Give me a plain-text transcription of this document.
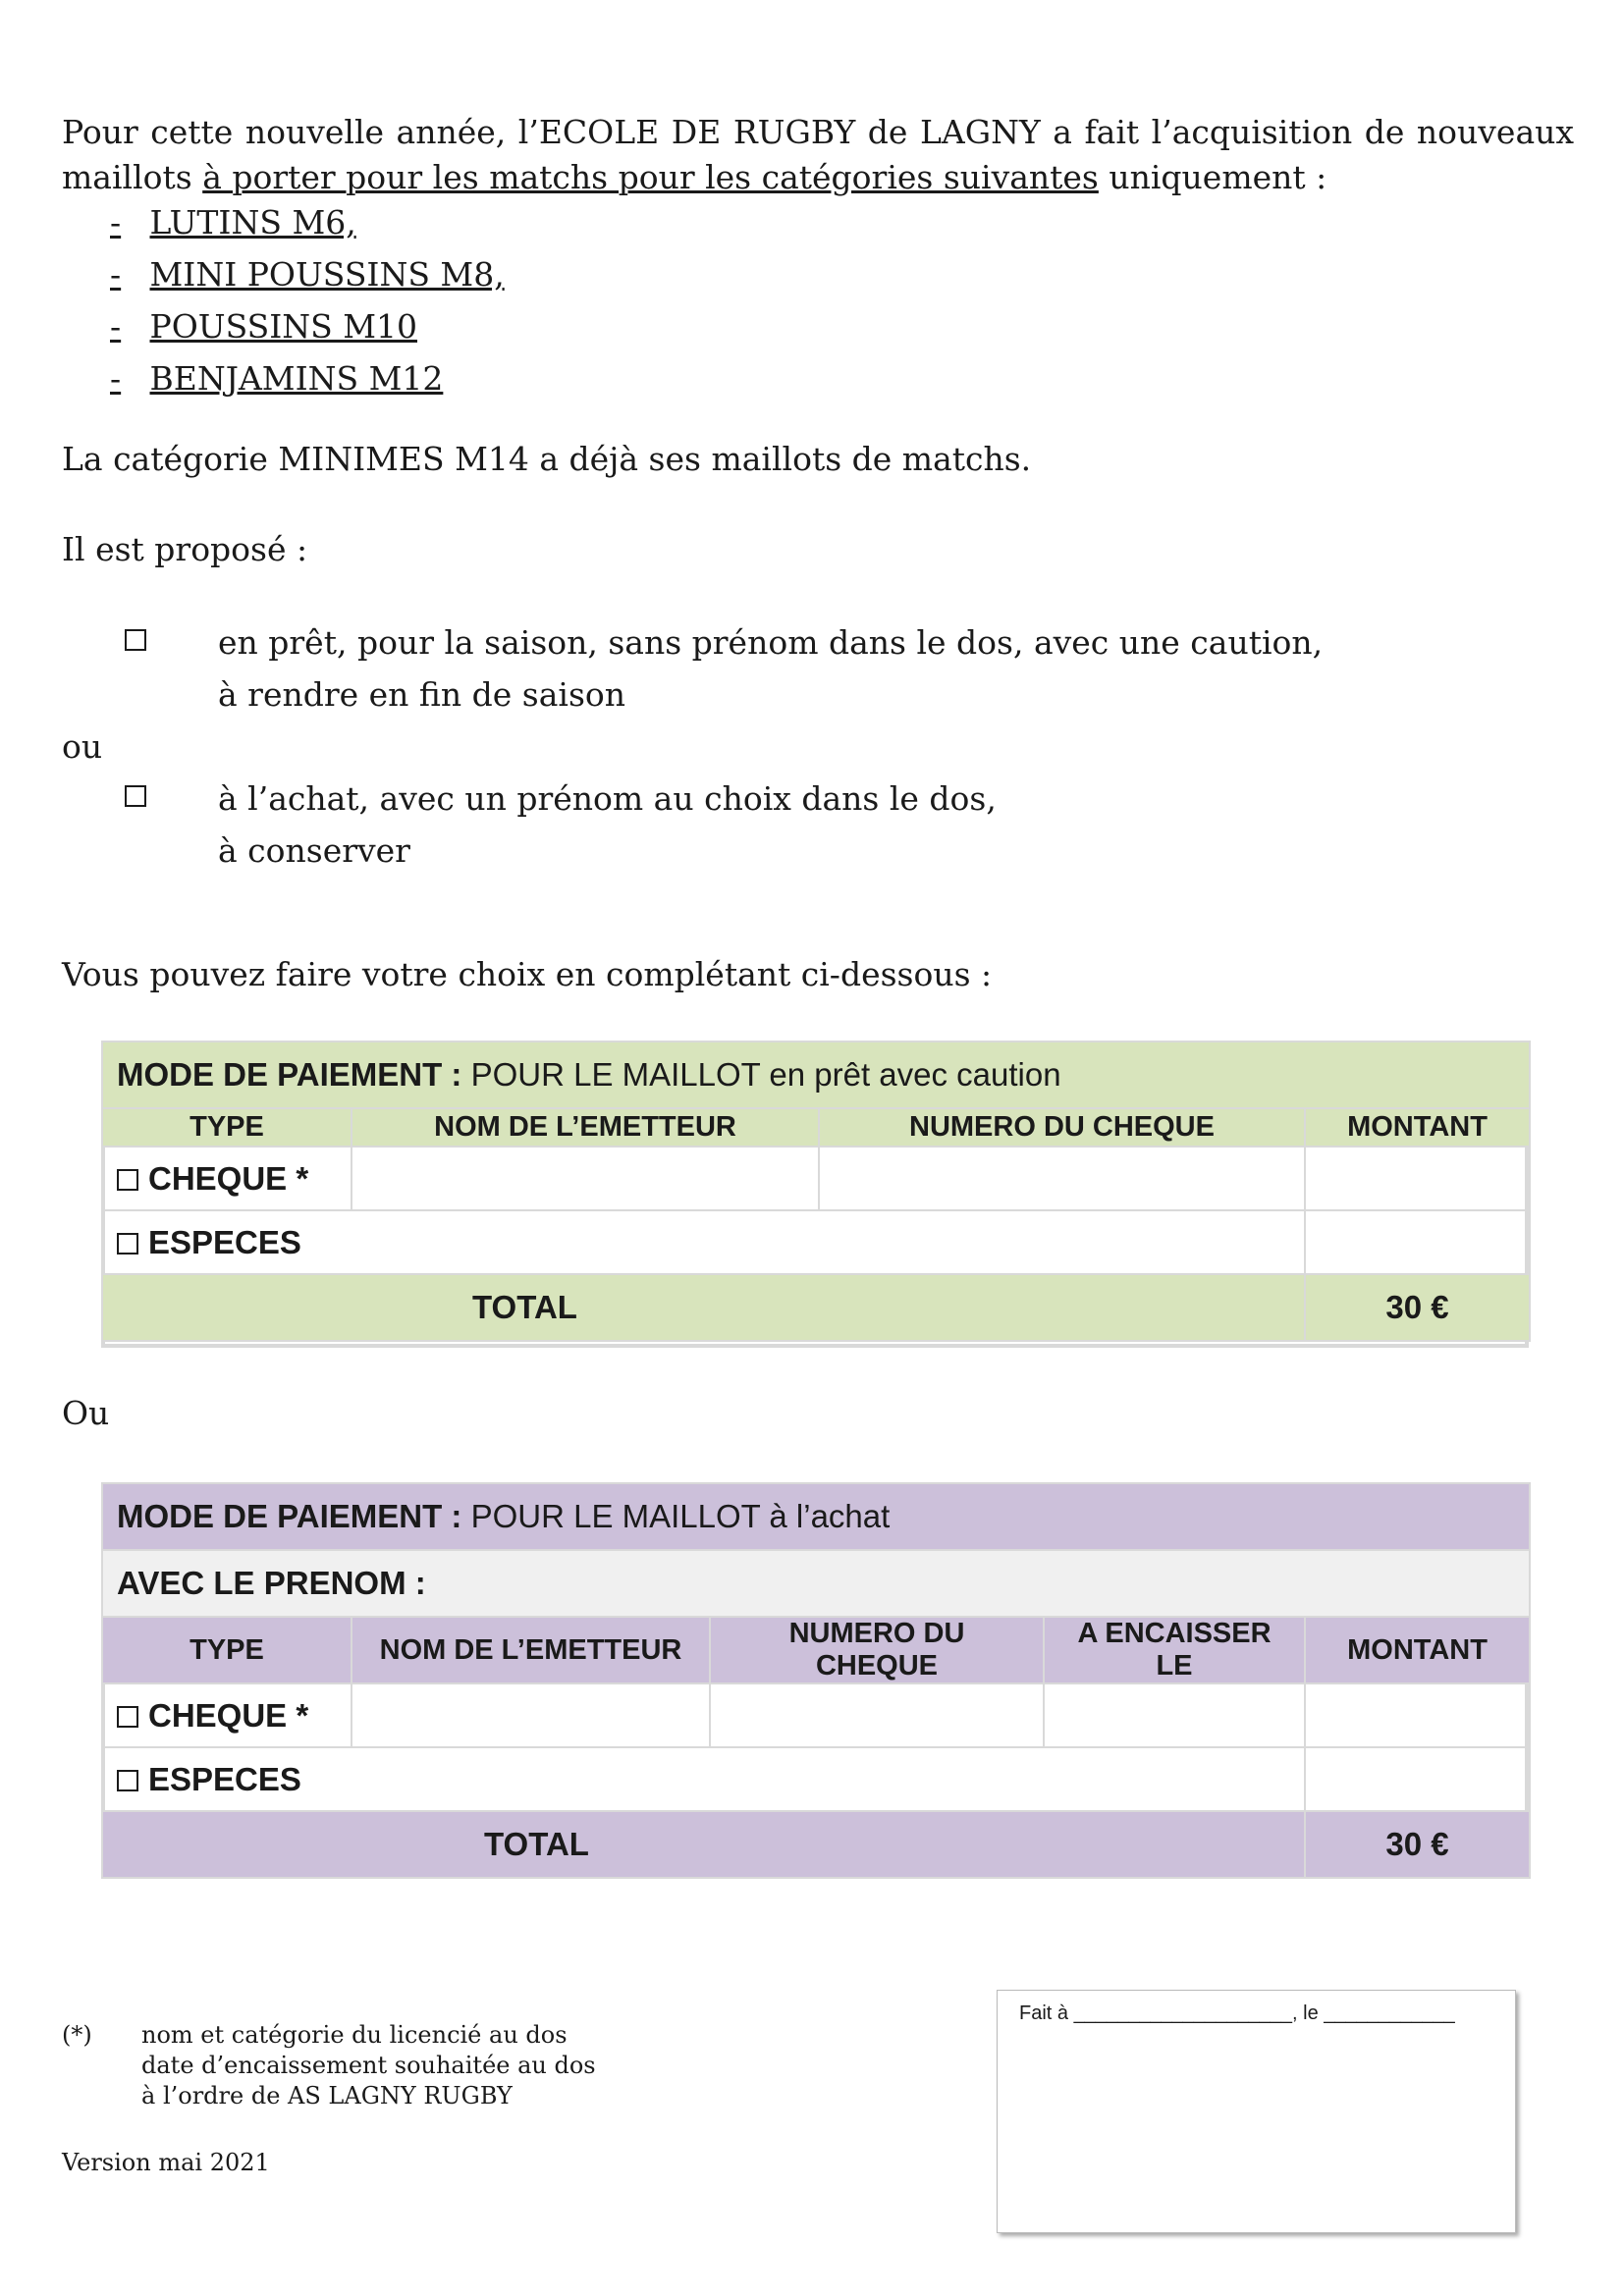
Pour cette nouvelle année, l’ECOLE DE RUGBY de LAGNY a fait l’acquisition de nouveaux maillots à porter pour les matchs pour les catégories suivantes uniquement :
- LUTINS M6,
- MINI POUSSINS M8,
- POUSSINS M10
- BENJAMINS M12
La catégorie MINIMES M14 a déjà ses maillots de matchs.
Il est proposé :
en prêt, pour la saison, sans prénom dans le dos, avec une caution,
à rendre en fin de saison
ou
à l’achat, avec un prénom au choix dans le dos,
à conserver
Vous pouvez faire votre choix en complétant ci-dessous :
MODE DE PAIEMENT : POUR LE MAILLOT en prêt avec caution			
TYPE	NOM DE L’EMETTEUR	NUMERO DU CHEQUE	MONTANT
CHEQUE *			
ESPECES			
TOTAL			30 €
Ou
MODE DE PAIEMENT : POUR LE MAILLOT à l’achat				
AVEC LE PRENOM :				
TYPE	NOM DE L’EMETTEUR	NUMERO DU CHEQUE	A ENCAISSER LE	MONTANT
CHEQUE *				
ESPECES				
TOTAL				30 €
(*) nom et catégorie du licencié au dos
date d’encaissement souhaitée au dos
à l’ordre de AS LAGNY RUGBY
Version mai 2021
Fait à ____________________, le ____________
